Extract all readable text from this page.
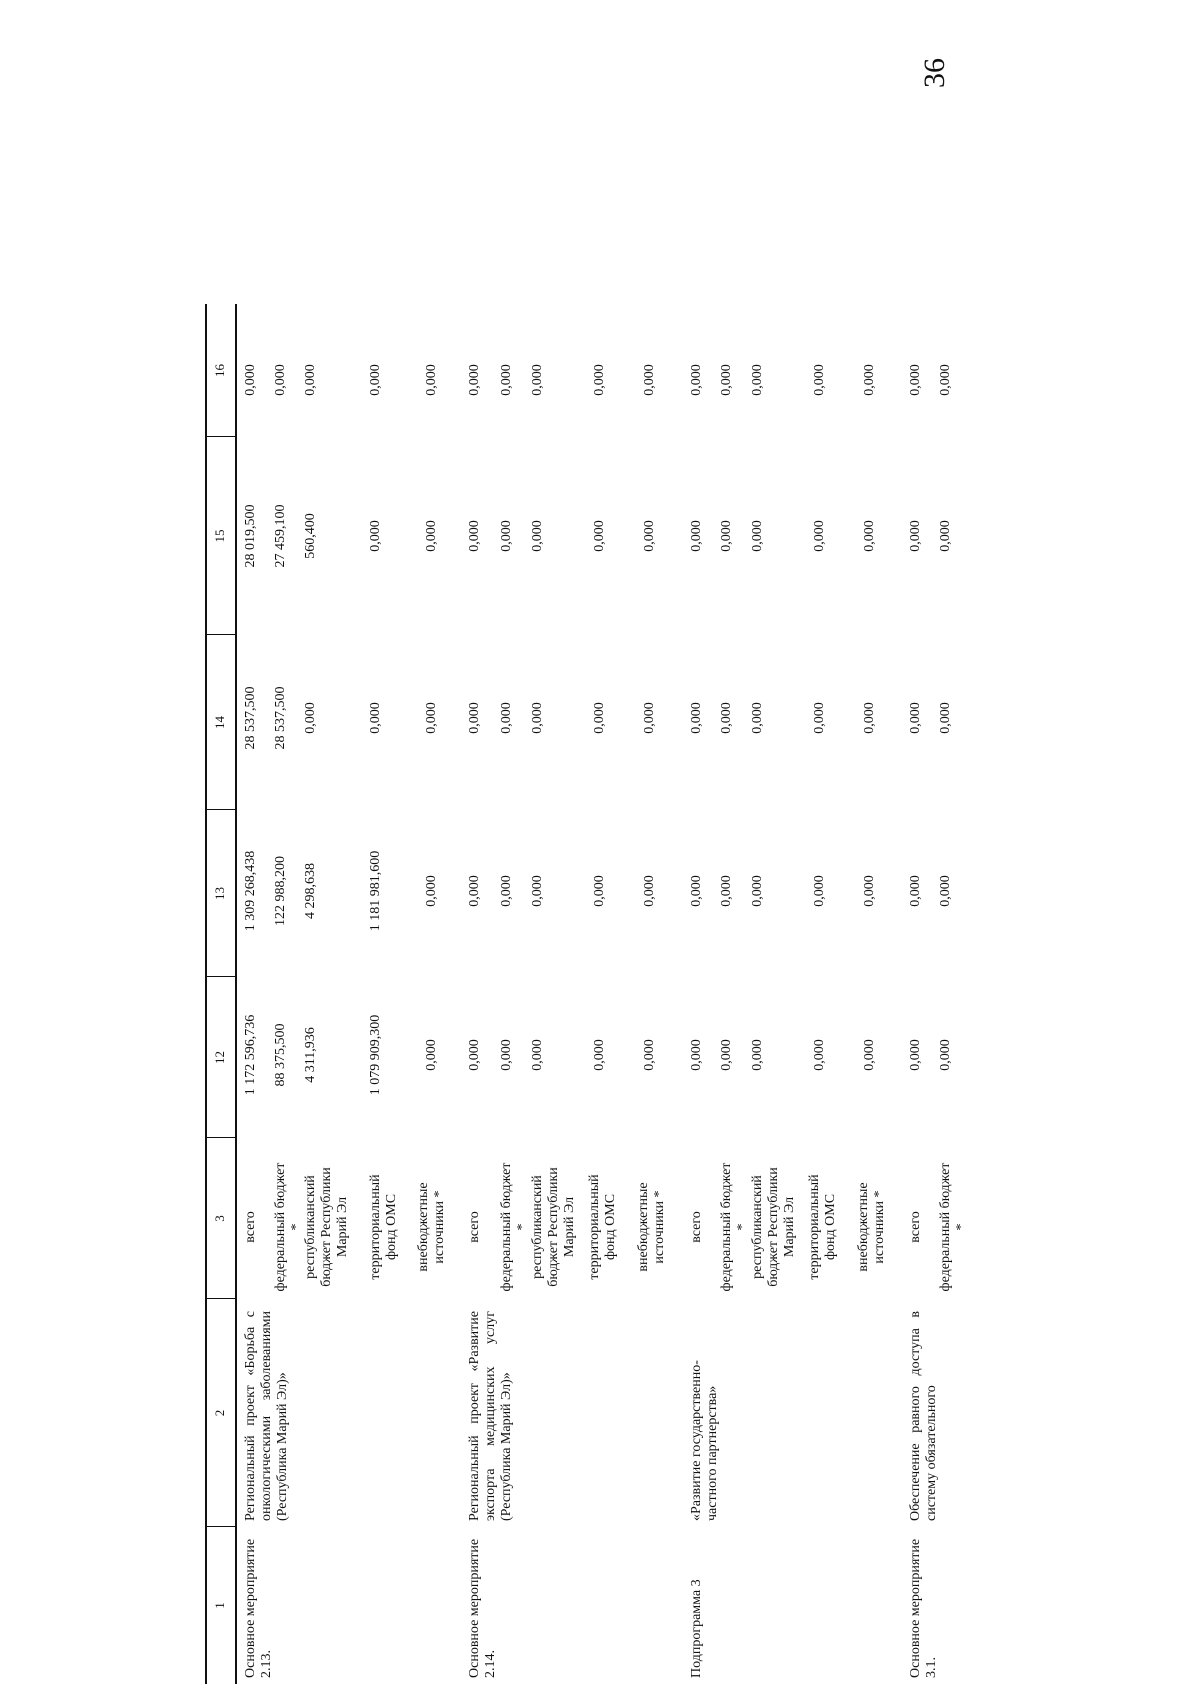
36
1
2
3
12
13
14
15
16
Основное мероприятие 2.13.
Региональный проект «Борьба с онкологическими заболеваниями (Республика Марий Эл)»
всего
1 172 596,736
1 309 268,438
28 537,500
28 019,500
0,000
федеральный бюджет *
88 375,500
122 988,200
28 537,500
27 459,100
0,000
республиканский бюджет Республики Марий Эл
4 311,936
4 298,638
0,000
560,400
0,000
территориальный фонд ОМС
1 079 909,300
1 181 981,600
0,000
0,000
0,000
внебюджетные источники *
0,000
0,000
0,000
0,000
0,000
Основное мероприятие 2.14.
Региональный проект «Развитие экспорта медицинских услуг (Республика Марий Эл)»
всего
0,000
0,000
0,000
0,000
0,000
федеральный бюджет *
0,000
0,000
0,000
0,000
0,000
республиканский бюджет Республики Марий Эл
0,000
0,000
0,000
0,000
0,000
территориальный фонд ОМС
0,000
0,000
0,000
0,000
0,000
внебюджетные источники *
0,000
0,000
0,000
0,000
0,000
Подпрограмма 3
«Развитие государственно-частного партнерства»
всего
0,000
0,000
0,000
0,000
0,000
федеральный бюджет *
0,000
0,000
0,000
0,000
0,000
республиканский бюджет Республики Марий Эл
0,000
0,000
0,000
0,000
0,000
территориальный фонд ОМС
0,000
0,000
0,000
0,000
0,000
внебюджетные источники *
0,000
0,000
0,000
0,000
0,000
Основное мероприятие 3.1.
Обеспечение равного доступа в систему обязательного
всего
0,000
0,000
0,000
0,000
0,000
федеральный бюджет *
0,000
0,000
0,000
0,000
0,000
